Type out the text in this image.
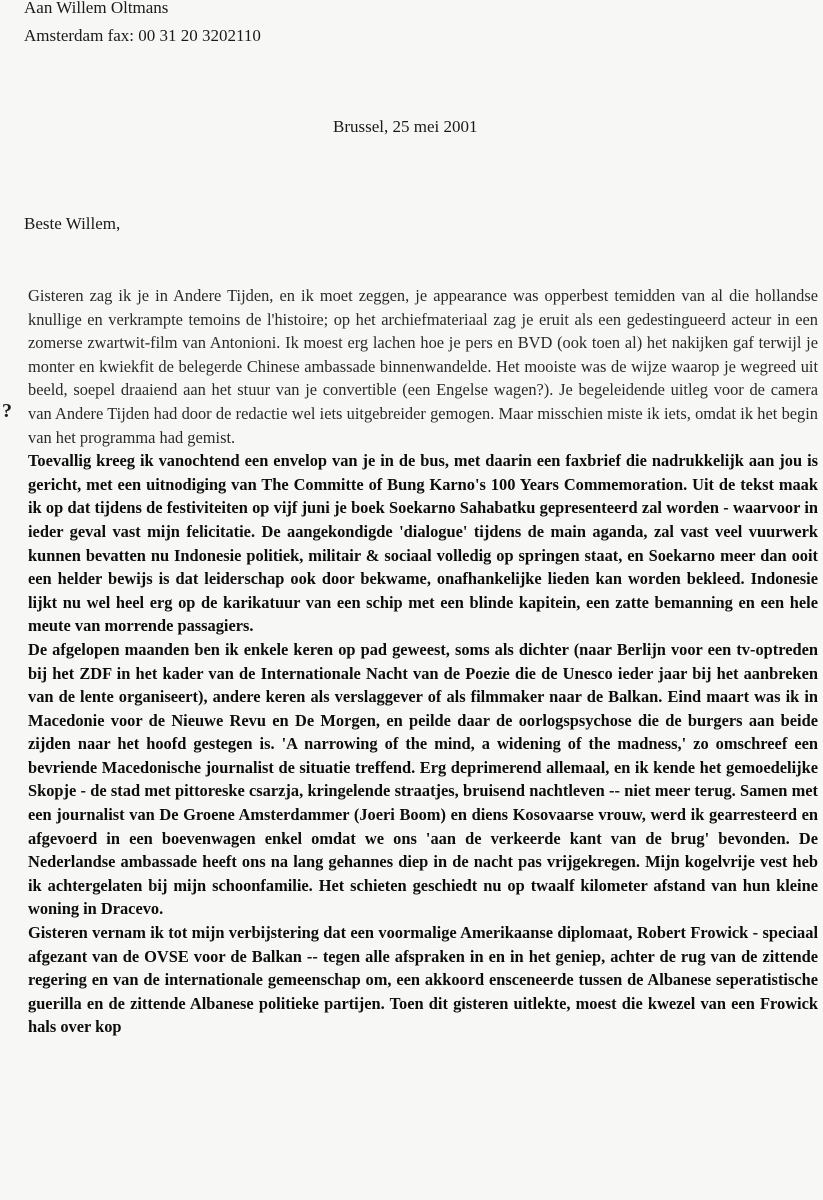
Aan Willem Oltmans
Amsterdam fax: 00 31 20 3202110
Brussel, 25 mei 2001
Beste Willem,
?

Gisteren zag ik je in Andere Tijden, en ik moet zeggen, je appearance was opperbest temidden van al die hollandse knullige en verkrampte temoins de l'histoire; op het archiefmateriaal zag je eruit als een gedestingueerd acteur in een zomerse zwartwit-film van Antonioni. Ik moest erg lachen hoe je pers en BVD (ook toen al) het nakijken gaf terwijl je monter en kwiekfit de belegerde Chinese ambassade binnenwandelde. Het mooiste was de wijze waarop je wegreed uit beeld, soepel draaiend aan het stuur van je convertible (een Engelse wagen?). Je begeleidende uitleg voor de camera van Andere Tijden had door de redactie wel iets uitgebreider gemogen. Maar misschien miste ik iets, omdat ik het begin van het programma had gemist.

Toevallig kreeg ik vanochtend een envelop van je in de bus, met daarin een faxbrief die nadrukkelijk aan jou is gericht, met een uitnodiging van The Committe of Bung Karno's 100 Years Commemoration. Uit de tekst maak ik op dat tijdens de festiviteiten op vijf juni je boek Soekarno Sahabatku gepresenteerd zal worden - waarvoor in ieder geval vast mijn felicitatie. De aangekondigde 'dialogue' tijdens de main aganda, zal vast veel vuurwerk kunnen bevatten nu Indonesie politiek, militair & sociaal volledig op springen staat, en Soekarno meer dan ooit een helder bewijs is dat leiderschap ook door bekwame, onafhankelijke lieden kan worden bekleed. Indonesie lijkt nu wel heel erg op de karikatuur van een schip met een blinde kapitein, een zatte bemanning en een hele meute van morrende passagiers.

De afgelopen maanden ben ik enkele keren op pad geweest, soms als dichter (naar Berlijn voor een tv-optreden bij het ZDF in het kader van de Internationale Nacht van de Poezie die de Unesco ieder jaar bij het aanbreken van de lente organiseert), andere keren als verslaggever of als filmmaker naar de Balkan. Eind maart was ik in Macedonie voor de Nieuwe Revu en De Morgen, en peilde daar de oorlogspsychose die de burgers aan beide zijden naar het hoofd gestegen is. 'A narrowing of the mind, a widening of the madness,' zo omschreef een bevriende Macedonische journalist de situatie treffend. Erg deprimerend allemaal, en ik kende het gemoedelijke Skopje - de stad met pittoreske csarzja, kringelende straatjes, bruisend nachtleven -- niet meer terug. Samen met een journalist van De Groene Amsterdammer (Joeri Boom) en diens Kosovaarse vrouw, werd ik gearresteerd en afgevoerd in een boevenwagen enkel omdat we ons 'aan de verkeerde kant van de brug' bevonden. De Nederlandse ambassade heeft ons na lang gehannes diep in de nacht pas vrijgekregen. Mijn kogelvrije vest heb ik achtergelaten bij mijn schoonfamilie. Het schieten geschiedt nu op twaalf kilometer afstand van hun kleine woning in Dracevo.

Gisteren vernam ik tot mijn verbijstering dat een voormalige Amerikaanse diplomaat, Robert Frowick - speciaal afgezant van de OVSE voor de Balkan -- tegen alle afspraken in en in het geniep, achter de rug van de zittende regering en van de internationale gemeenschap om, een akkoord ensceneerde tussen de Albanese seperatistische guerilla en de zittende Albanese politieke partijen. Toen dit gisteren uitlekte, moest die kwezel van een Frowick hals over kop
